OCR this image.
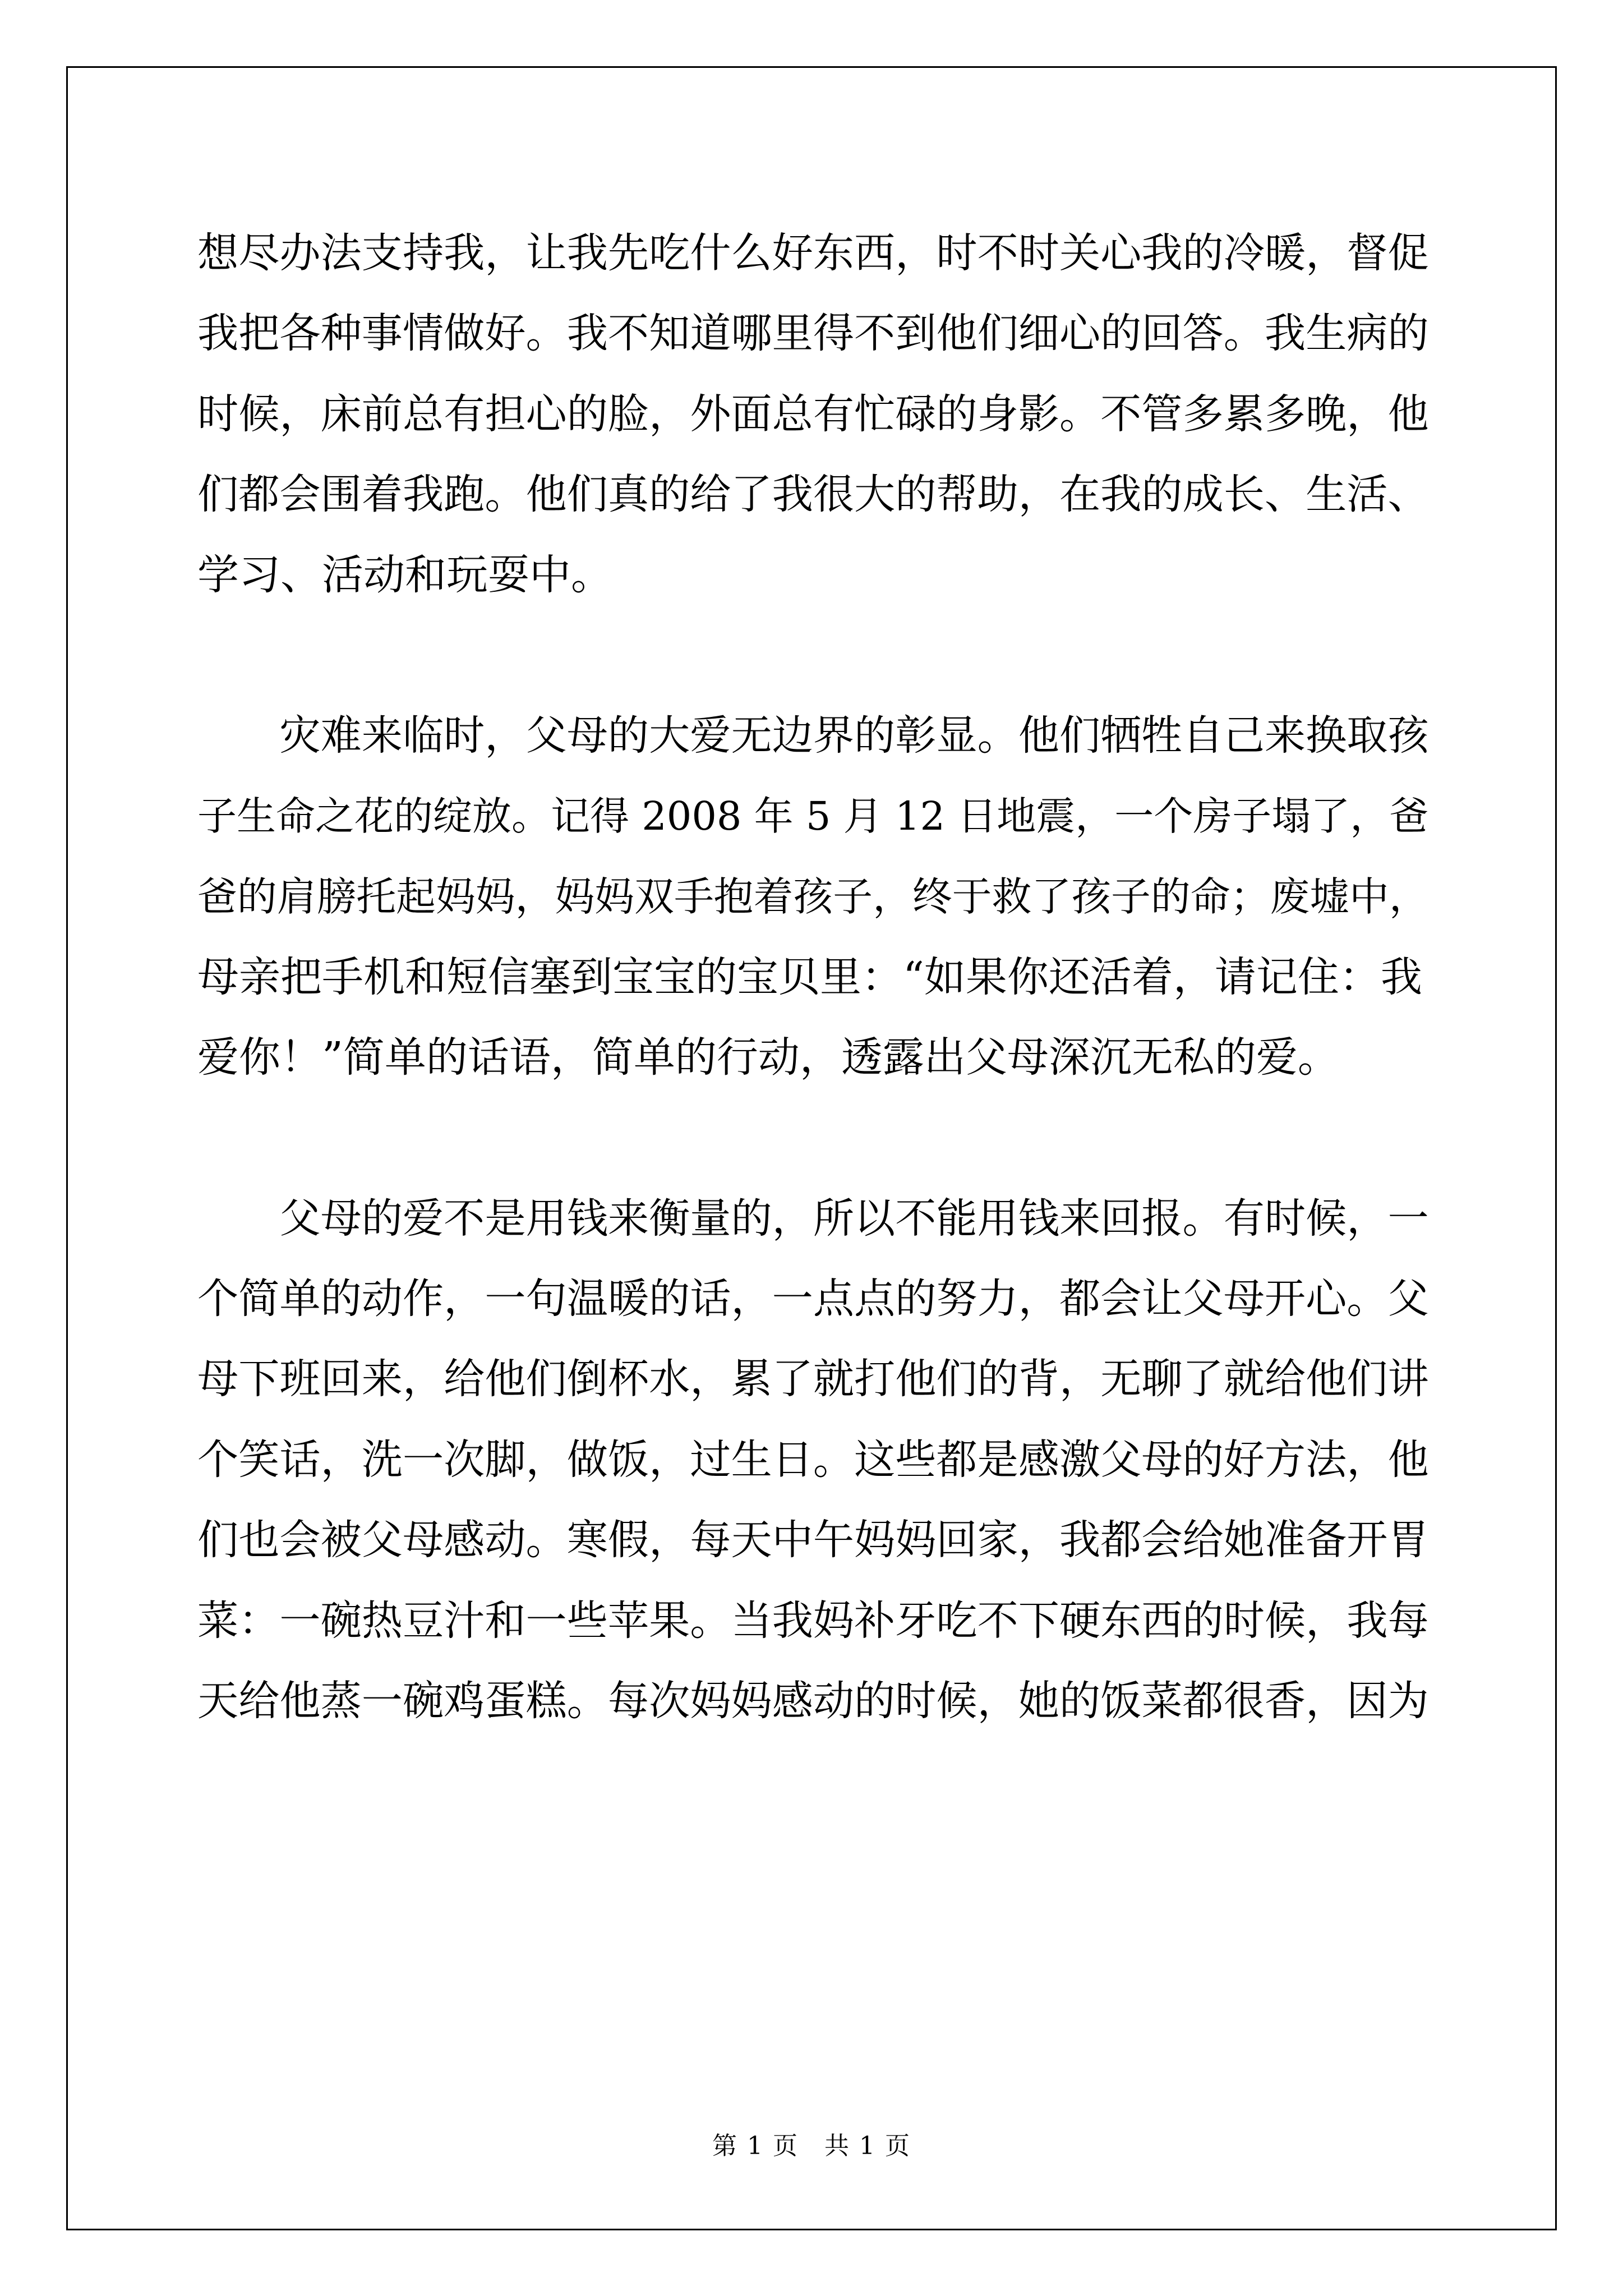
想尽办法支持我，让我先吃什么好东西，时不时关心我的冷暖，督促
我把各种事情做好。我不知道哪里得不到他们细心的回答。我生病的
时候，床前总有担心的脸，外面总有忙碌的身影。不管多累多晚，他
们都会围着我跑。他们真的给了我很大的帮助，在我的成长、生活、
学习、活动和玩耍中。
　　灾难来临时，父母的大爱无边界的彰显。他们牺牲自己来换取孩
子生命之花的绽放。记得 2008 年 5 月 12 日地震，一个房子塌了，爸
爸的肩膀托起妈妈，妈妈双手抱着孩子，终于救了孩子的命；废墟中，
母亲把手机和短信塞到宝宝的宝贝里：“如果你还活着，请记住：我
爱你！”简单的话语，简单的行动，透露出父母深沉无私的爱。
　　父母的爱不是用钱来衡量的，所以不能用钱来回报。有时候，一
个简单的动作，一句温暖的话，一点点的努力，都会让父母开心。父
母下班回来，给他们倒杯水，累了就打他们的背，无聊了就给他们讲
个笑话，洗一次脚，做饭，过生日。这些都是感激父母的好方法，他
们也会被父母感动。寒假，每天中午妈妈回家，我都会给她准备开胃
菜：一碗热豆汁和一些苹果。当我妈补牙吃不下硬东西的时候，我每
天给他蒸一碗鸡蛋糕。每次妈妈感动的时候，她的饭菜都很香，因为
第 1 页　共 1 页
